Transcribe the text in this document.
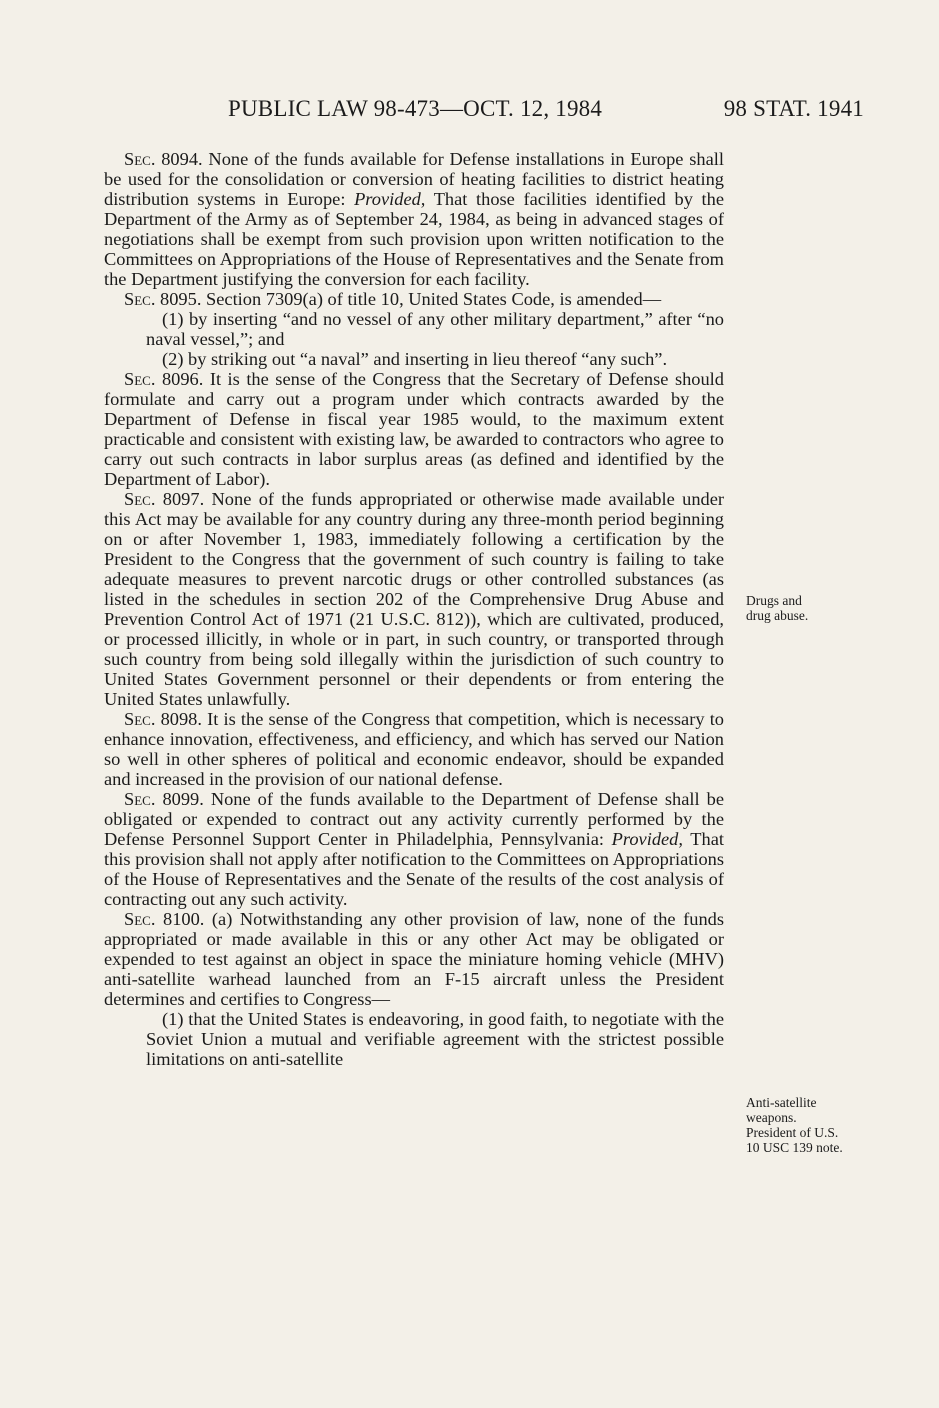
PUBLIC LAW 98-473—OCT. 12, 1984	98 STAT. 1941

Sec. 8094. None of the funds available for Defense installations in Europe shall be used for the consolidation or conversion of heating facilities to district heating distribution systems in Europe: Provided, That those facilities identified by the Department of the Army as of September 24, 1984, as being in advanced stages of negotiations shall be exempt from such provision upon written notification to the Committees on Appropriations of the House of Representatives and the Senate from the Department justifying the conversion for each facility.

Sec. 8095. Section 7309(a) of title 10, United States Code, is amended—

(1) by inserting “and no vessel of any other military department,” after “no naval vessel,”; and

(2) by striking out “a naval” and inserting in lieu thereof “any such”.

Sec. 8096. It is the sense of the Congress that the Secretary of Defense should formulate and carry out a program under which contracts awarded by the Department of Defense in fiscal year 1985 would, to the maximum extent practicable and consistent with existing law, be awarded to contractors who agree to carry out such contracts in labor surplus areas (as defined and identified by the Department of Labor).

Sec. 8097. None of the funds appropriated or otherwise made available under this Act may be available for any country during any three-month period beginning on or after November 1, 1983, immediately following a certification by the President to the Congress that the government of such country is failing to take adequate measures to prevent narcotic drugs or other controlled substances (as listed in the schedules in section 202 of the Comprehensive Drug Abuse and Prevention Control Act of 1971 (21 U.S.C. 812)), which are cultivated, produced, or processed illicitly, in whole or in part, in such country, or transported through such country from being sold illegally within the jurisdiction of such country to United States Government personnel or their dependents or from entering the United States unlawfully.

Sec. 8098. It is the sense of the Congress that competition, which is necessary to enhance innovation, effectiveness, and efficiency, and which has served our Nation so well in other spheres of political and economic endeavor, should be expanded and increased in the provision of our national defense.

Sec. 8099. None of the funds available to the Department of Defense shall be obligated or expended to contract out any activity currently performed by the Defense Personnel Support Center in Philadelphia, Pennsylvania: Provided, That this provision shall not apply after notification to the Committees on Appropriations of the House of Representatives and the Senate of the results of the cost analysis of contracting out any such activity.

Sec. 8100. (a) Notwithstanding any other provision of law, none of the funds appropriated or made available in this or any other Act may be obligated or expended to test against an object in space the miniature homing vehicle (MHV) anti-satellite warhead launched from an F-15 aircraft unless the President determines and certifies to Congress—

(1) that the United States is endeavoring, in good faith, to negotiate with the Soviet Union a mutual and verifiable agreement with the strictest possible limitations on anti-satellite

Drugs and
drug abuse.
Anti-satellite
weapons.
President of U.S.
10 USC 139 note.
